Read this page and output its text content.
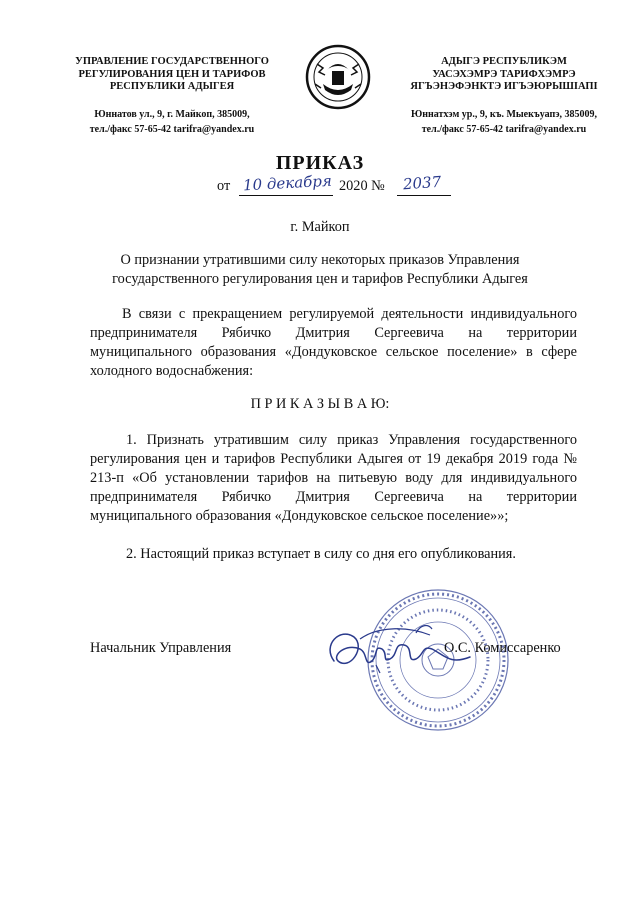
УПРАВЛЕНИЕ ГОСУДАРСТВЕННОГО
РЕГУЛИРОВАНИЯ ЦЕН И ТАРИФОВ
РЕСПУБЛИКИ АДЫГЕЯ
Юннатов ул., 9, г. Майкоп, 385009,
тел./факс 57-65-42 tarifra@yandex.ru
АДЫГЭ РЕСПУБЛИКЭМ
УАСЭХЭМРЭ ТАРИФХЭМРЭ
ЯГЪЭНЭФЭНКТЭ ИГЪЭЮРЫШІАПІ
Юннатхэм ур., 9, къ. Мыекъуапэ, 385009,
тел./факс 57-65-42 tarifra@yandex.ru
ПРИКАЗ
от 10 декабря 2020 № 2037
г. Майкоп
О признании утратившими силу некоторых приказов Управления
государственного регулирования цен и тарифов Республики Адыгея
В связи с прекращением регулируемой деятельности индивидуального предпринимателя Рябичко Дмитрия Сергеевича на территории муниципального образования «Дондуковское сельское поселение» в сфере холодного водоснабжения:
П Р И К А З Ы В А Ю:
1. Признать утратившим силу приказ Управления государственного регулирования цен и тарифов Республики Адыгея от 19 декабря 2019 года № 213-п «Об установлении тарифов на питьевую воду для индивидуального предпринимателя Рябичко Дмитрия Сергеевича на территории муниципального образования «Дондуковское сельское поселение»»;
2. Настоящий приказ вступает в силу со дня его опубликования.
Начальник Управления	О.С. Комиссаренко
